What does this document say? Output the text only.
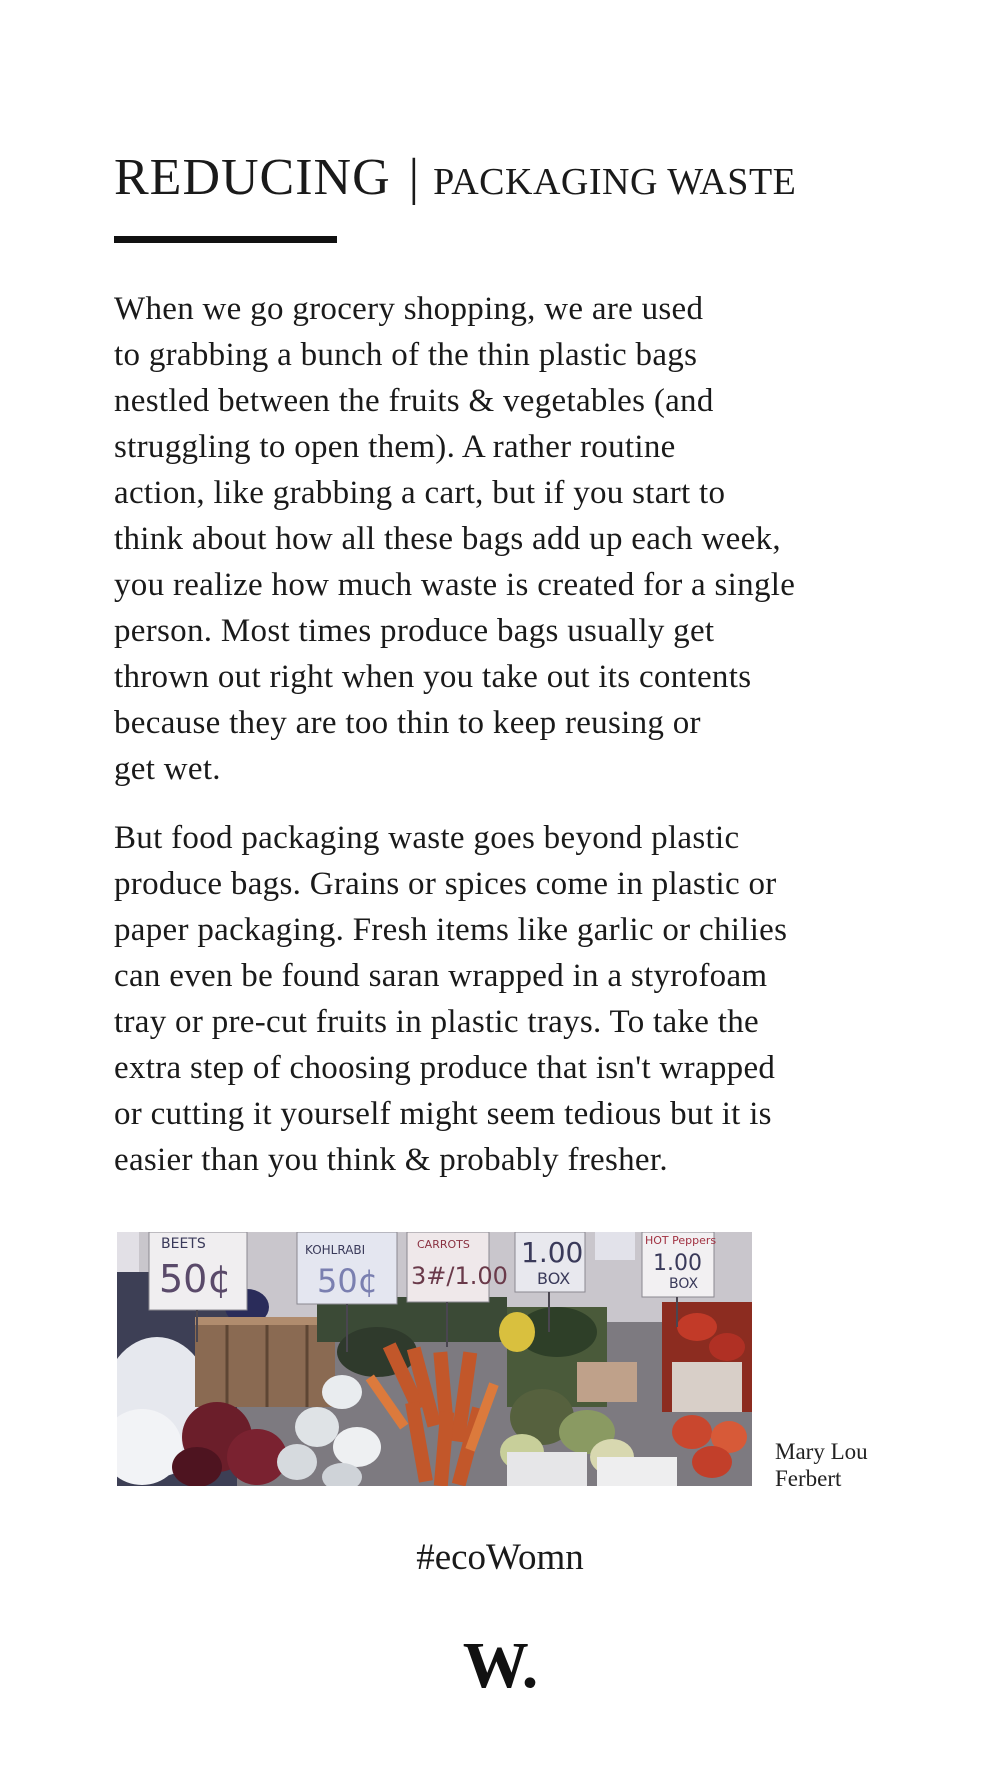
REDUCING | PACKAGING WASTE

When we go grocery shopping, we are used
to grabbing a bunch of the thin plastic bags
nestled between the fruits & vegetables (and
struggling to open them). A rather routine
action, like grabbing a cart, but if you start to
think about how all these bags add up each week,
you realize how much waste is created for a single
person. Most times produce bags usually get
thrown out right when you take out its contents
because they are too thin to keep reusing or
get wet.

But food packaging waste goes beyond plastic
produce bags. Grains or spices come in plastic or
paper packaging. Fresh items like garlic or chilies
can even be found saran wrapped in a styrofoam
tray or pre-cut fruits in plastic trays. To take the
extra step of choosing produce that isn't wrapped
or cutting it yourself might seem tedious but it is
easier than you think & probably fresher.

BEETS
50¢
KOHLRABI
50¢
CARROTS
3#/1.00
1.00
BOX
HOT Peppers
1.00
BOX
Mary Lou
Ferbert
#ecoWomn
W.
